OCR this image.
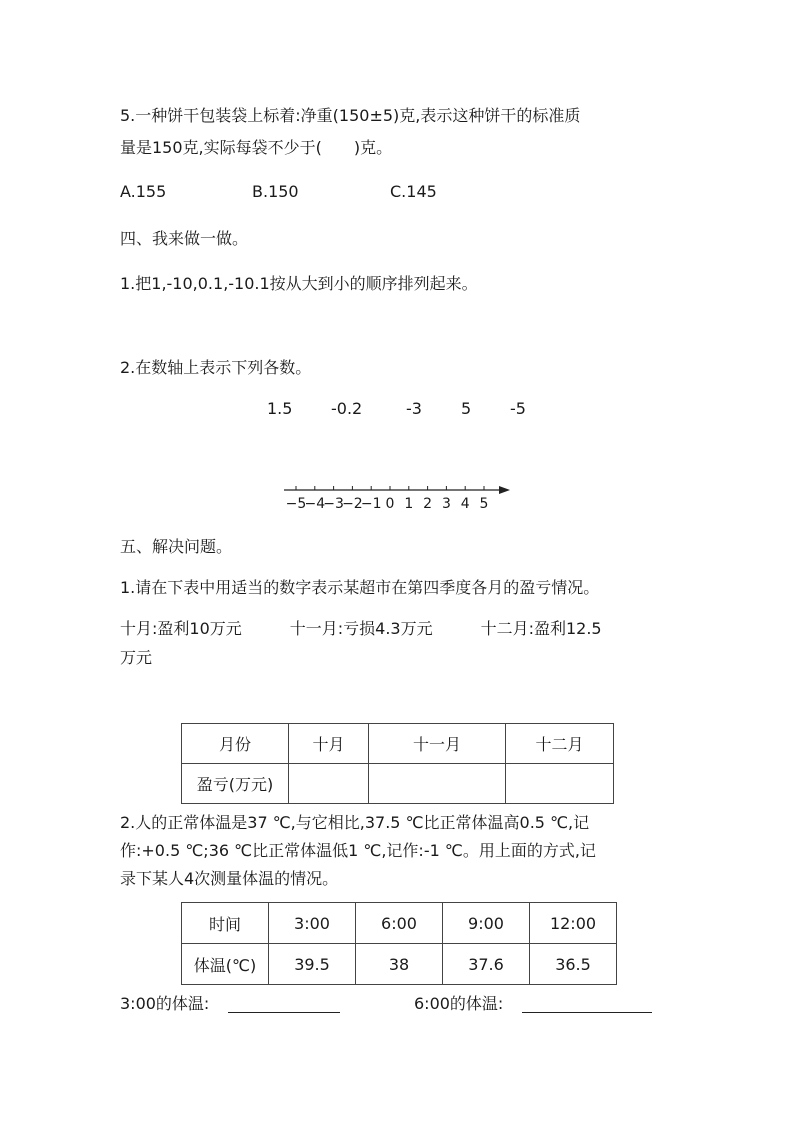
5.一种饼干包装袋上标着:净重(150±5)克,表示这种饼干的标准质
量是150克,实际每袋不少于(　　)克。
A.155	B.150	C.145
四、我来做一做。
1.把1,-10,0.1,-10.1按从大到小的顺序排列起来。
2.在数轴上表示下列各数。
1.5 -0.2	-3 5 -5
−5
−4
−3
−2
−1 0 1 2 3 4 5
五、解决问题。
1.请在下表中用适当的数字表示某超市在第四季度各月的盈亏情况。
十月:盈利10万元　　　十一月:亏损4.3万元　　　十二月:盈利12.5
万元
月份	十月	十一月	十二月
盈亏(万元)			
2.人的正常体温是37 ℃,与它相比,37.5 ℃比正常体温高0.5 ℃,记
作:+0.5 ℃;36 ℃比正常体温低1 ℃,记作:-1 ℃。用上面的方式,记
录下某人4次测量体温的情况。
时间	3:00	6:00	9:00	12:00
体温(℃)	39.5	38	37.6	36.5
3:00的体温:	6:00的体温:
